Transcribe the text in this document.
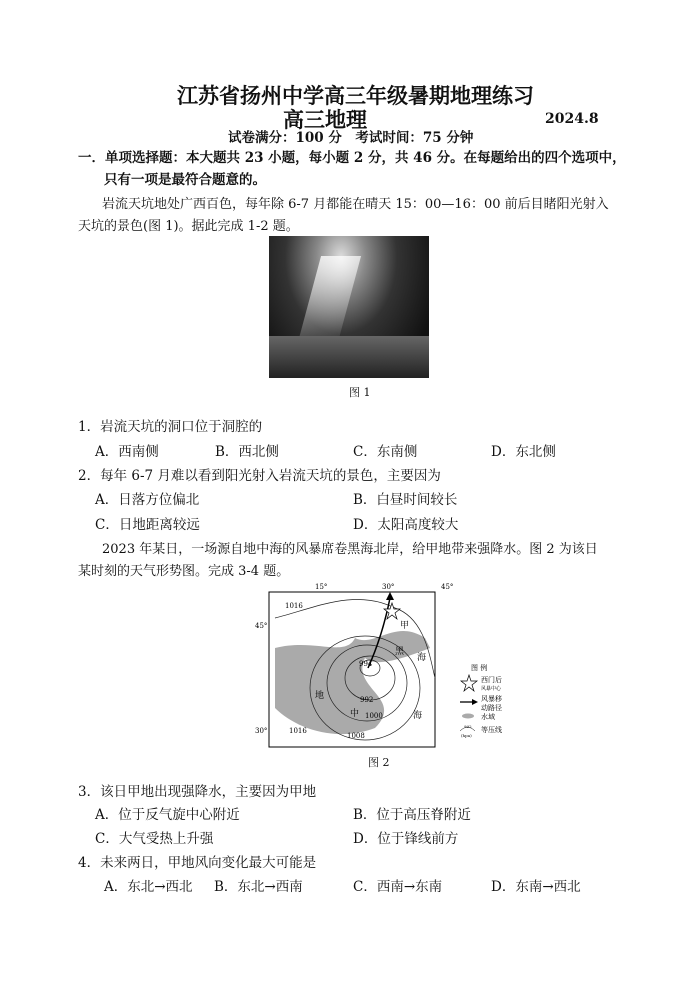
江苏省扬州中学高三年级暑期地理练习
高三地理	2024.8
试卷满分：100 分　考试时间：75 分钟
一．单项选择题：本大题共 23 小题，每小题 2 分，共 46 分。在每题给出的四个选项中，
只有一项是最符合题意的。
岩流天坑地处广西百色，每年除 6-7 月都能在晴天 15：00—16：00 前后目睹阳光射入
天坑的景色(图 1)。据此完成 1-2 题。
图 1
1．岩流天坑的洞口位于洞腔的
A．西南侧	B．西北侧	C．东南侧	D．东北侧
2．每年 6-7 月难以看到阳光射入岩流天坑的景色，主要因为
A．日落方位偏北	B．白昼时间较长
C．日地距离较远	D．太阳高度较大
2023 年某日，一场源自地中海的风暴席卷黑海北岸，给甲地带来强降水。图 2 为该日
某时刻的天气形势图。完成 3-4 题。
15°	30°	45°
45°
30°
1016
994
992
1000
1016
1008
甲
黑
海
地
中	海
图 例
西门后
风暴中心
风暴移
动路径
水域
992
(hpa)
等压线
图 2
3．该日甲地出现强降水，主要因为甲地
A．位于反气旋中心附近	B．位于高压脊附近
C．大气受热上升强	D．位于锋线前方
4．未来两日，甲地风向变化最大可能是
A．东北→西北 B．东北→西南	C．西南→东南	D．东南→西北
